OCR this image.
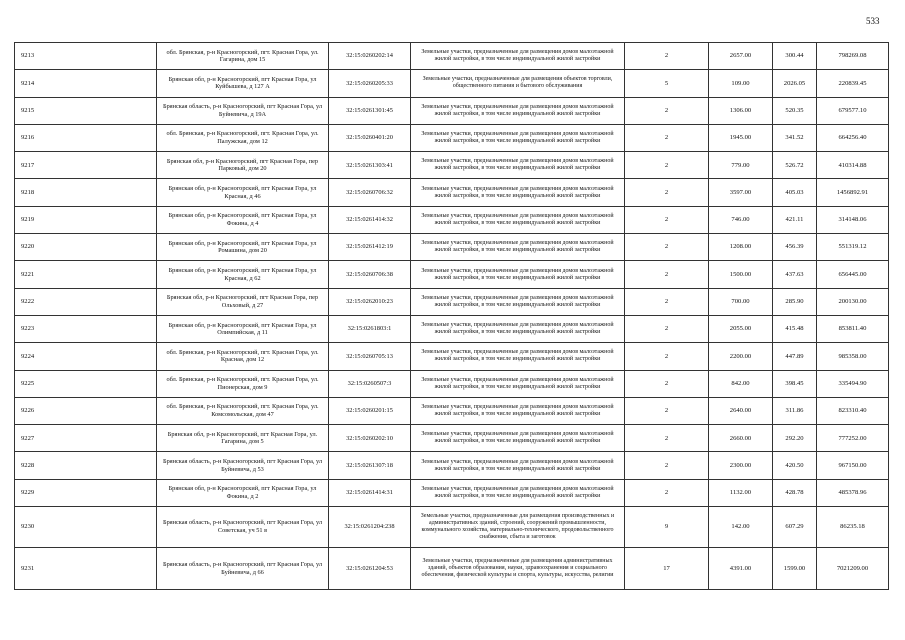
533
9213	обл. Брянская, р-н Красногорский, пгт. Красная Гора, ул. Гагарина, дом 15	32:15:0260202:14	Земельные участки, предназначенные для размещения домов малоэтажной жилой застройки, в том числе индивидуальной жилой застройки	2	2657.00	300.44	798269.08
9214	Брянская обл, р-н Красногорский, пгт Красная Гора, ул Куйбышева, д 127 А	32:15:0260205:33	Земельные участки, предназначенные для размещения объектов торговли, общественного питания и бытового обслуживания	5	109.00	2026.05	220839.45
9215	Брянская область, р-н Красногорский, пгт Красная Гора, ул Буйневича, д 19А	32:15:0261301:45	Земельные участки, предназначенные для размещения домов малоэтажной жилой застройки, в том числе индивидуальной жилой застройки	2	1306.00	520.35	679577.10
9216	обл. Брянская, р-н Красногорский, пгт. Красная Гора, ул. Палужская, дом 12	32:15:0260401:20	Земельные участки, предназначенные для размещения домов малоэтажной жилой застройки, в том числе индивидуальной жилой застройки	2	1945.00	341.52	664256.40
9217	Брянская обл, р-н Красногорский, пгт Красная Гора, пер Парковый, дом 20	32:15:0261303:41	Земельные участки, предназначенные для размещения домов малоэтажной жилой застройки, в том числе индивидуальной жилой застройки	2	779.00	526.72	410314.88
9218	Брянская обл, р-н Красногорский, пгт Красная Гора, ул Красная, д 46	32:15:0260706:32	Земельные участки, предназначенные для размещения домов малоэтажной жилой застройки, в том числе индивидуальной жилой застройки	2	3597.00	405.03	1456892.91
9219	Брянская обл, р-н Красногорский, пгт Красная Гора, ул Фокина, д 4	32:15:0261414:32	Земельные участки, предназначенные для размещения домов малоэтажной жилой застройки, в том числе индивидуальной жилой застройки	2	746.00	421.11	314148.06
9220	Брянская обл, р-н Красногорский, пгт Красная Гора, ул Ромашина, дом 20	32:15:0261412:19	Земельные участки, предназначенные для размещения домов малоэтажной жилой застройки, в том числе индивидуальной жилой застройки	2	1208.00	456.39	551319.12
9221	Брянская обл, р-н Красногорский, пгт Красная Гора, ул Красная, д 62	32:15:0260706:38	Земельные участки, предназначенные для размещения домов малоэтажной жилой застройки, в том числе индивидуальной жилой застройки	2	1500.00	437.63	656445.00
9222	Брянская обл, р-н Красногорский, пгт Красная Гора, пер Ольховый, д 27	32:15:0262010:23	Земельные участки, предназначенные для размещения домов малоэтажной жилой застройки, в том числе индивидуальной жилой застройки	2	700.00	285.90	200130.00
9223	Брянская обл, р-н Красногорский, пгт Красная Гора, ул Олимпийская, д 11	32:15:0261803:1	Земельные участки, предназначенные для размещения домов малоэтажной жилой застройки, в том числе индивидуальной жилой застройки	2	2055.00	415.48	853811.40
9224	обл. Брянская, р-н Красногорский, пгт. Красная Гора, ул. Красная, дом 12	32:15:0260705:13	Земельные участки, предназначенные для размещения домов малоэтажной жилой застройки, в том числе индивидуальной жилой застройки	2	2200.00	447.89	985358.00
9225	обл. Брянская, р-н Красногорский, пгт. Красная Гора, ул. Пионерская, дом 9	32:15:0260507:3	Земельные участки, предназначенные для размещения домов малоэтажной жилой застройки, в том числе индивидуальной жилой застройки	2	842.00	398.45	335494.90
9226	обл. Брянская, р-н Красногорский, пгт. Красная Гора, ул. Комсомольская, дом 47	32:15:0260201:15	Земельные участки, предназначенные для размещения домов малоэтажной жилой застройки, в том числе индивидуальной жилой застройки	2	2640.00	311.86	823310.40
9227	Брянская обл, р-н Красногорский, пгт Красная Гора, ул. Гагарина, дом 5	32:15:0260202:10	Земельные участки, предназначенные для размещения домов малоэтажной жилой застройки, в том числе индивидуальной жилой застройки	2	2660.00	292.20	777252.00
9228	Брянская область, р-н Красногорский, пгт Красная Гора, ул Буйневича, д 53	32:15:0261307:18	Земельные участки, предназначенные для размещения домов малоэтажной жилой застройки, в том числе индивидуальной жилой застройки	2	2300.00	420.50	967150.00
9229	Брянская обл, р-н Красногорский, пгт Красная Гора, ул Фокина, д 2	32:15:0261414:31	Земельные участки, предназначенные для размещения домов малоэтажной жилой застройки, в том числе индивидуальной жилой застройки	2	1132.00	428.78	485378.96
9230	Брянская область, р-н Красногорский, пгт Красная Гора, ул Советская, уч 51 в	32:15:0261204:238	Земельные участки, предназначенные для размещения производственных и административных зданий, строений, сооружений промышленности, коммунального хозяйства, материально-технического, продовольственного снабжения, сбыта и заготовок	9	142.00	607.29	86235.18
9231	Брянская область, р-н Красногорский, пгт Красная Гора, ул Буйневича, д 66	32:15:0261204:53	Земельные участки, предназначенные для размещения административных зданий, объектов образования, науки, здравоохранения и социального обеспечения, физической культуры и спорта, культуры, искусства, религии	17	4391.00	1599.00	7021209.00
